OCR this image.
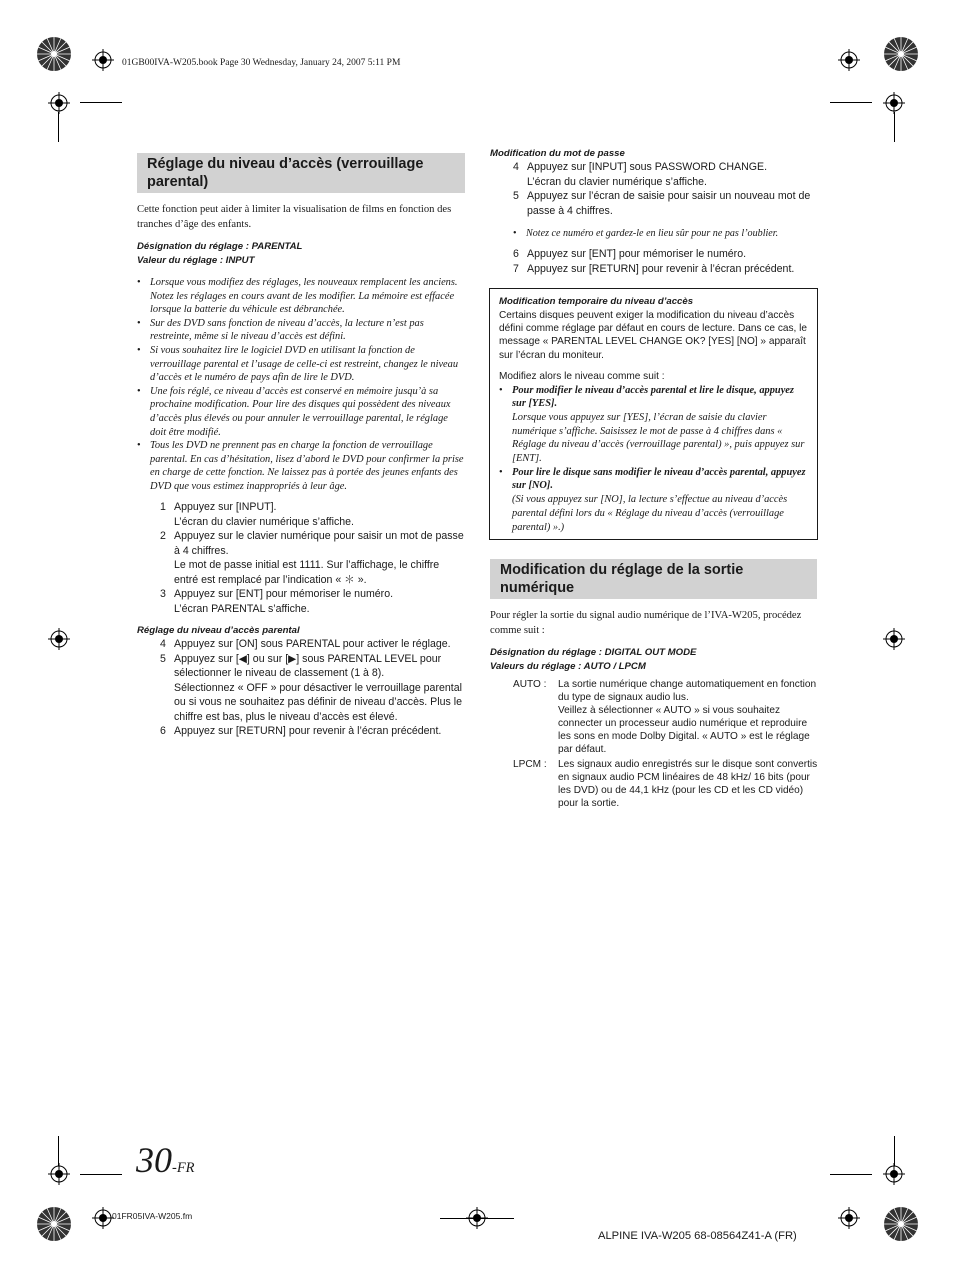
01GB00IVA-W205.book Page 30 Wednesday, January 24, 2007 5:11 PM
Réglage du niveau d’accès (verrouillage parental)
Cette fonction peut aider à limiter la visualisation de films en fonction des tranches d’âge des enfants.
Désignation du réglage : PARENTAL
Valeur du réglage : INPUT
• Lorsque vous modifiez des réglages, les nouveaux remplacent les anciens. Notez les réglages en cours avant de les modifier. La mémoire est effacée lorsque la batterie du véhicule est débranchée.
• Sur des DVD sans fonction de niveau d’accès, la lecture n’est pas restreinte, même si le niveau d’accès est défini.
• Si vous souhaitez lire le logiciel DVD en utilisant la fonction de verrouillage parental et l’usage de celle-ci est restreint, changez le niveau d’accès et le numéro de pays afin de lire le DVD.
• Une fois réglé, ce niveau d’accès est conservé en mémoire jusqu’à sa prochaine modification. Pour lire des disques qui possèdent des niveaux d’accès plus élevés ou pour annuler le verrouillage parental, le réglage doit être modifié.
• Tous les DVD ne prennent pas en charge la fonction de verrouillage parental. En cas d’hésitation, lisez d’abord le DVD pour confirmer la prise en charge de cette fonction. Ne laissez pas à portée des jeunes enfants des DVD que vous estimez inappropriés à leur âge.
1 Appuyez sur [INPUT].
L’écran du clavier numérique s’affiche.
2 Appuyez sur le clavier numérique pour saisir un mot de passe à 4 chiffres.
Le mot de passe initial est 1111. Sur l’affichage, le chiffre entré est remplacé par l’indication « ＊ ».
3 Appuyez sur [ENT] pour mémoriser le numéro.
L’écran PARENTAL s’affiche.
Réglage du niveau d’accès parental
4 Appuyez sur [ON] sous PARENTAL pour activer le réglage.
5 Appuyez sur [◀] ou sur [▶] sous PARENTAL LEVEL pour sélectionner le niveau de classement (1 à 8).
Sélectionnez « OFF » pour désactiver le verrouillage parental ou si vous ne souhaitez pas définir de niveau d’accès. Plus le chiffre est bas, plus le niveau d’accès est élevé.
6 Appuyez sur [RETURN] pour revenir à l’écran précédent.
Modification du mot de passe
4 Appuyez sur [INPUT] sous PASSWORD CHANGE.
L’écran du clavier numérique s’affiche.
5 Appuyez sur l’écran de saisie pour saisir un nouveau mot de passe à 4 chiffres.
• Notez ce numéro et gardez-le en lieu sûr pour ne pas l’oublier.
6 Appuyez sur [ENT] pour mémoriser le numéro.
7 Appuyez sur [RETURN] pour revenir à l’écran précédent.
Modification temporaire du niveau d’accès
Certains disques peuvent exiger la modification du niveau d’accès défini comme réglage par défaut en cours de lecture. Dans ce cas, le message « PARENTAL LEVEL CHANGE OK? [YES] [NO] » apparaît sur l’écran du moniteur.
Modifiez alors le niveau comme suit :
• Pour modifier le niveau d’accès parental et lire le disque, appuyez sur [YES].
Lorsque vous appuyez sur [YES], l’écran de saisie du clavier numérique s’affiche. Saisissez le mot de passe à 4 chiffres dans « Réglage du niveau d’accès (verrouillage parental) », puis appuyez sur [ENT].
• Pour lire le disque sans modifier le niveau d’accès parental, appuyez sur [NO].
(Si vous appuyez sur [NO], la lecture s’effectue au niveau d’accès parental défini lors du « Réglage du niveau d’accès (verrouillage parental) ».)
Modification du réglage de la sortie numérique
Pour régler la sortie du signal audio numérique de l’IVA-W205, procédez comme suit :
Désignation du réglage : DIGITAL OUT MODE
Valeurs du réglage : AUTO / LPCM
AUTO :	La sortie numérique change automatiquement en fonction du type de signaux audio lus.
Veillez à sélectionner « AUTO » si vous souhaitez connecter un processeur audio numérique et reproduire les sons en mode Dolby Digital. « AUTO » est le réglage par défaut.
LPCM :	Les signaux audio enregistrés sur le disque sont convertis en signaux audio PCM linéaires de 48 kHz/ 16 bits (pour les DVD) ou de 44,1 kHz (pour les CD et les CD vidéo) pour la sortie.
30-FR
01FR05IVA-W205.fm
ALPINE IVA-W205 68-08564Z41-A (FR)
